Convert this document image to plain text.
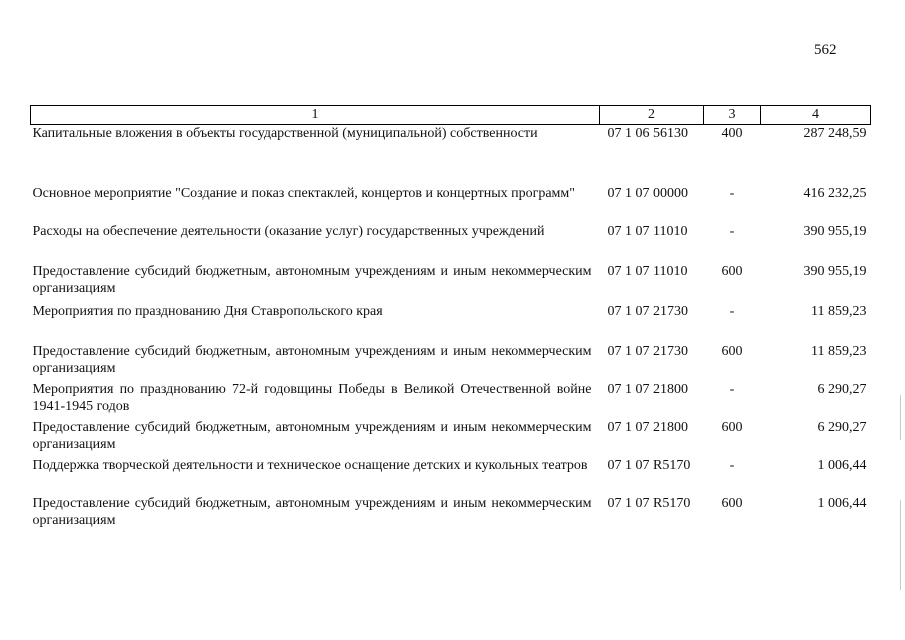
562
1	2	3	4
Капитальные вложения в объекты государственной (муниципальной) собственности	07 1 06 56130	400	287 248,59

Основное мероприятие "Создание и показ спектаклей, концертов и концертных программ"	07 1 07 00000	-	416 232,25
Расходы на обеспечение деятельности (оказание услуг) государственных учреждений	07 1 07 11010	-	390 955,19
Предоставление субсидий бюджетным, автономным учреждениям и иным некоммерческим организациям	07 1 07 11010	600	390 955,19
Мероприятия по празднованию Дня Ставропольского края	07 1 07 21730	-	11 859,23
Предоставление субсидий бюджетным, автономным учреждениям и иным некоммерческим организациям	07 1 07 21730	600	11 859,23
Мероприятия по празднованию 72-й годовщины Победы в Великой Отечественной войне 1941-1945 годов	07 1 07 21800	-	6 290,27
Предоставление субсидий бюджетным, автономным учреждениям и иным некоммерческим организациям	07 1 07 21800	600	6 290,27
Поддержка творческой деятельности и техническое оснащение детских и кукольных театров	07 1 07 R5170	-	1 006,44
Предоставление субсидий бюджетным, автономным учреждениям и иным некоммерческим организациям	07 1 07 R5170	600	1 006,44
